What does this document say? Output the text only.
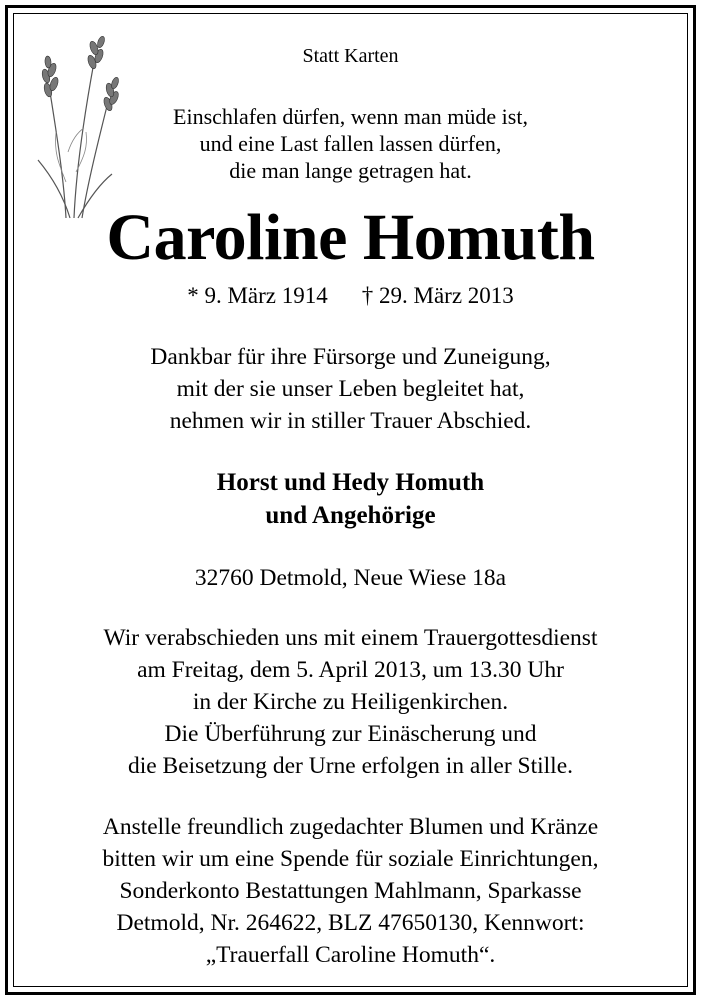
Statt Karten
Einschlafen dürfen, wenn man müde ist,
und eine Last fallen lassen dürfen,
die man lange getragen hat.
Caroline Homuth
* 9. März 1914 † 29. März 2013
Dankbar für ihre Fürsorge und Zuneigung,
mit der sie unser Leben begleitet hat,
nehmen wir in stiller Trauer Abschied.
Horst und Hedy Homuth
und Angehörige
32760 Detmold, Neue Wiese 18a
Wir verabschieden uns mit einem Trauergottesdienst
am Freitag, dem 5. April 2013, um 13.30 Uhr
in der Kirche zu Heiligenkirchen.
Die Überführung zur Einäscherung und
die Beisetzung der Urne erfolgen in aller Stille.
Anstelle freundlich zugedachter Blumen und Kränze
bitten wir um eine Spende für soziale Einrichtungen,
Sonderkonto Bestattungen Mahlmann, Sparkasse
Detmold, Nr. 264622, BLZ 47650130, Kennwort:
„Trauerfall Caroline Homuth“.
